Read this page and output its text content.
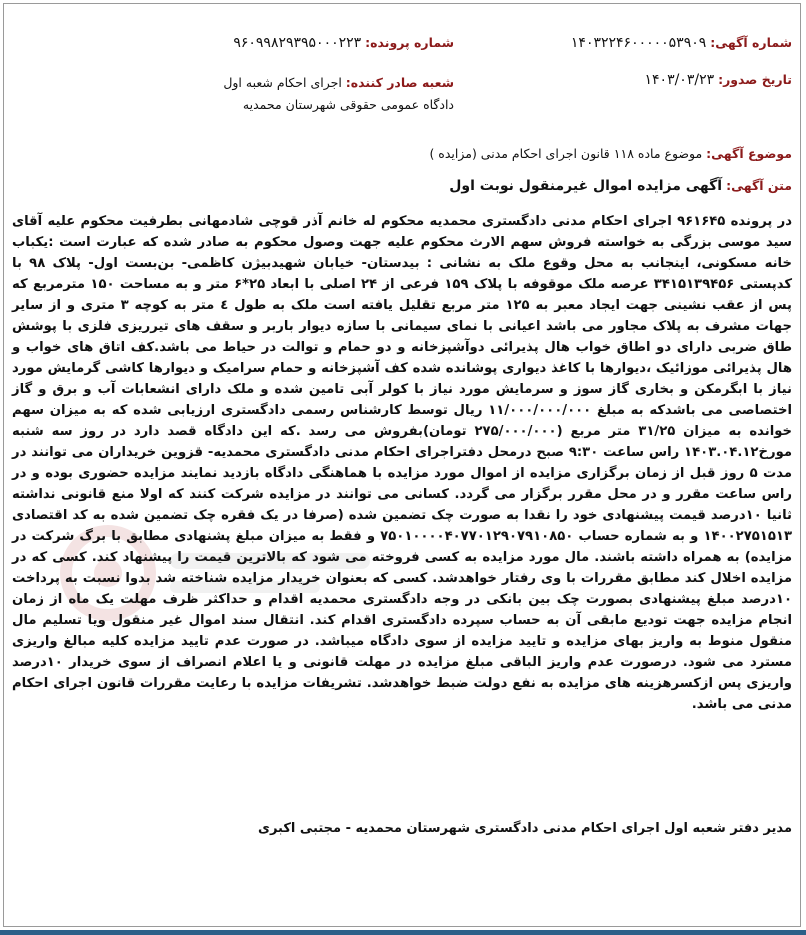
شماره آگهی: ۱۴۰۳۲۲۴۶۰۰۰۰۰۵۳۹۰۹
شماره پرونده: ۹۶۰۹۹۸۲۹۳۹۵۰۰۰۲۲۳
تاریخ صدور: ۱۴۰۳/۰۳/۲۳
شعبه صادر کننده: اجرای احکام شعبه اول دادگاه عمومی حقوقی شهرستان محمدیه
موضوع آگهی: موضوع ماده ۱۱۸ قانون اجرای احکام مدنی (مزایده )
متن آگهی: آگهی مزایده اموال غیرمنقول نوبت اول

در پرونده ۹۶۱۶۴۵ اجرای احکام مدنی دادگستری محمدیه محکوم له خانم آذر قوچی شادمهانی بطرفیت محکوم علیه آقای سید موسی بزرگی به خواسته فروش سهم الارث محکوم علیه جهت وصول محکوم به صادر شده که عبارت است :یکباب خانه مسکونی، اینجانب به محل وقوع ملک به نشانی : بیدستان- خیابان شهیدبیژن کاظمی- بن‌بست اول- پلاک ۹۸ با کدپستی ۳۴۱۵۱۳۹۴۵۶ عرصه ملک موقوفه با پلاک ۱۵۹ فرعی از ۲۴ اصلی با ابعاد ۲۵*۶ متر و به مساحت ۱۵۰ مترمربع که پس از عقب نشینی جهت ایجاد معبر به ۱۲۵ متر مربع تقلیل یافته است ملک به طول ٤ متر به کوچه ۳ متری و از سایر جهات مشرف به پلاک مجاور می باشد اعیانی با نمای سیمانی با سازه دیوار باربر و سقف های تیرریزی فلزی با پوشش طاق ضربی دارای دو اطاق خواب هال پذیرائی دوآشپزخانه و دو حمام و توالت در حیاط می باشد.کف اتاق های خواب و هال پذیرائی موزائیک ،دیوارها با کاغذ دیواری پوشانده شده کف آشپزخانه و حمام سرامیک و دیوارها کاشی گرمایش مورد نیاز با ابگرمکن و بخاری گاز سوز و سرمایش مورد نیاز با کولر آبی تامین شده و ملک دارای انشعابات آب و برق و گاز اختصاصی می باشدکه به مبلغ ۱۱/۰۰۰/۰۰۰/۰۰۰ ریال توسط کارشناس رسمی دادگستری ارزیابی شده که به میزان سهم خوانده به میزان ۳۱/۲۵ متر مربع (۲۷۵/۰۰۰/۰۰۰ تومان)بفروش می رسد .که این دادگاه قصد دارد در روز سه شنبه مورخ۱۴۰۳.۰۴.۱۲ راس ساعت ۹:۳۰ صبح درمحل دفتراجرای احکام مدنی دادگستری محمدیه- قزوین خریداران می توانند در مدت ۵ روز قبل از زمان برگزاری مزایده از اموال مورد مزایده با هماهنگی دادگاه بازدید نمایند مزایده حضوری بوده و در راس ساعت مقرر و در محل مقرر برگزار می گردد. کسانی می توانند در مزایده شرکت کنند که اولا منع قانونی نداشته ثانیا ۱۰درصد قیمت پیشنهادی خود را نقدا به صورت چک تضمین شده (صرفا در یک فقره چک تضمین شده به کد اقتصادی ۱۴۰۰۲۷۵۱۵۱۳ و به شماره حساب ۷۵۰۱۰۰۰۰۴۰۷۷۰۱۲۹۰۷۹۱۰۸۵۰ و فقط به میزان مبلغ پشنهادی مطابق با برگ شرکت در مزایده) به همراه داشته باشند. مال مورد مزایده به کسی فروخته می شود که بالاترین قیمت را پیشنهاد کند. کسی که در مزایده اخلال کند مطابق مقررات با وی رفتار خواهدشد. کسی که بعنوان خریدار مزایده شناخته شد بدوا نسبت به پرداخت ۱۰درصد مبلغ پیشنهادی بصورت چک بین بانکی در وجه دادگستری محمدیه اقدام و حداکثر ظرف مهلت یک ماه از زمان انجام مزایده جهت تودیع مابقی آن به حساب سپرده دادگستری اقدام کند. انتقال سند اموال غیر منقول ویا تسلیم مال منقول منوط به واریز بهای مزایده و تایید مزایده از سوی دادگاه میباشد. در صورت عدم تایید مزایده کلیه مبالغ واریزی مسترد می شود. درصورت عدم واریز الباقی مبلغ مزایده در مهلت قانونی و یا اعلام انصراف از سوی خریدار ۱۰درصد واریزی پس ازکسرهزینه های مزایده به نفع دولت ضبط خواهدشد. تشریفات مزایده با رعایت مقررات قانون اجرای احکام مدنی می باشد.

مدیر دفتر شعبه اول اجرای احکام مدنی دادگستری شهرستان محمدیه - مجتبی اکبری
